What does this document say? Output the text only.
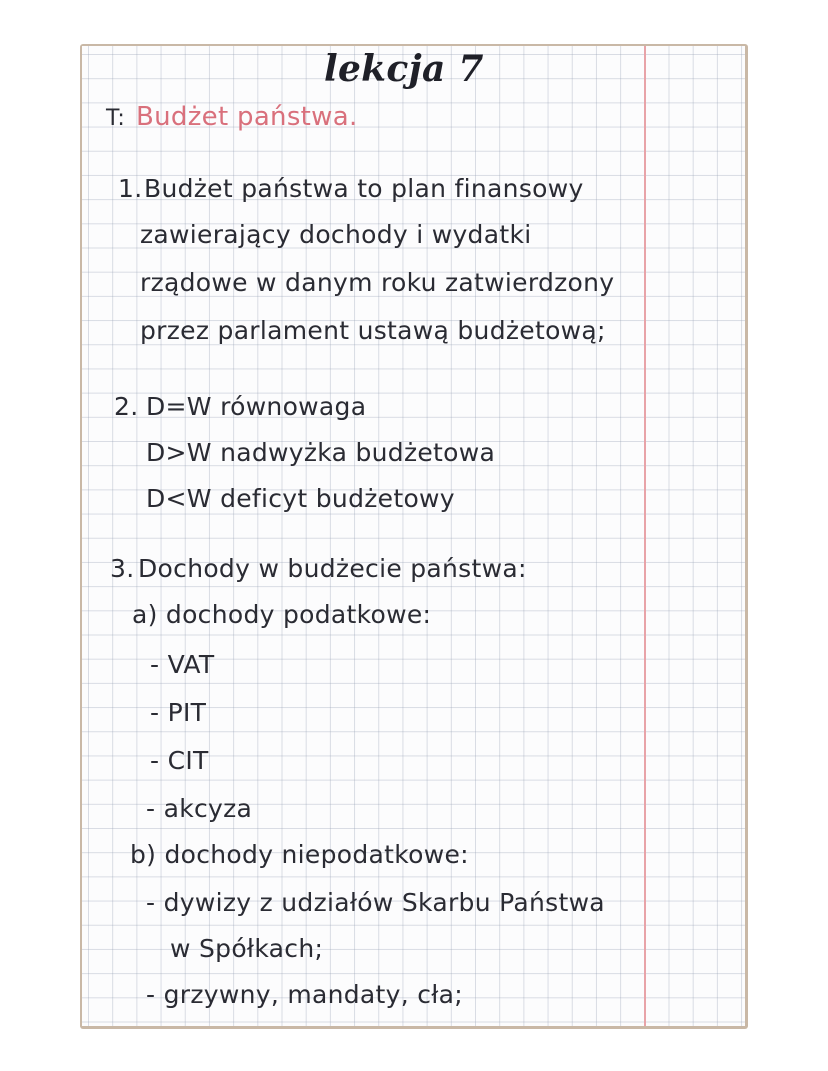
lekcja 7
T: Budżet państwa.
1. Budżet państwa to plan finansowy
zawierający dochody i wydatki
rządowe w danym roku zatwierdzony
przez parlament ustawą budżetową;
2. D=W równowaga
D>W nadwyżka budżetowa
D<W deficyt budżetowy
3. Dochody w budżecie państwa:
a) dochody podatkowe:
- VAT
- PIT
- CIT
- akcyza
b) dochody niepodatkowe:
- dywizy z udziałów Skarbu Państwa
w Spółkach;
- grzywny, mandaty, cła;
